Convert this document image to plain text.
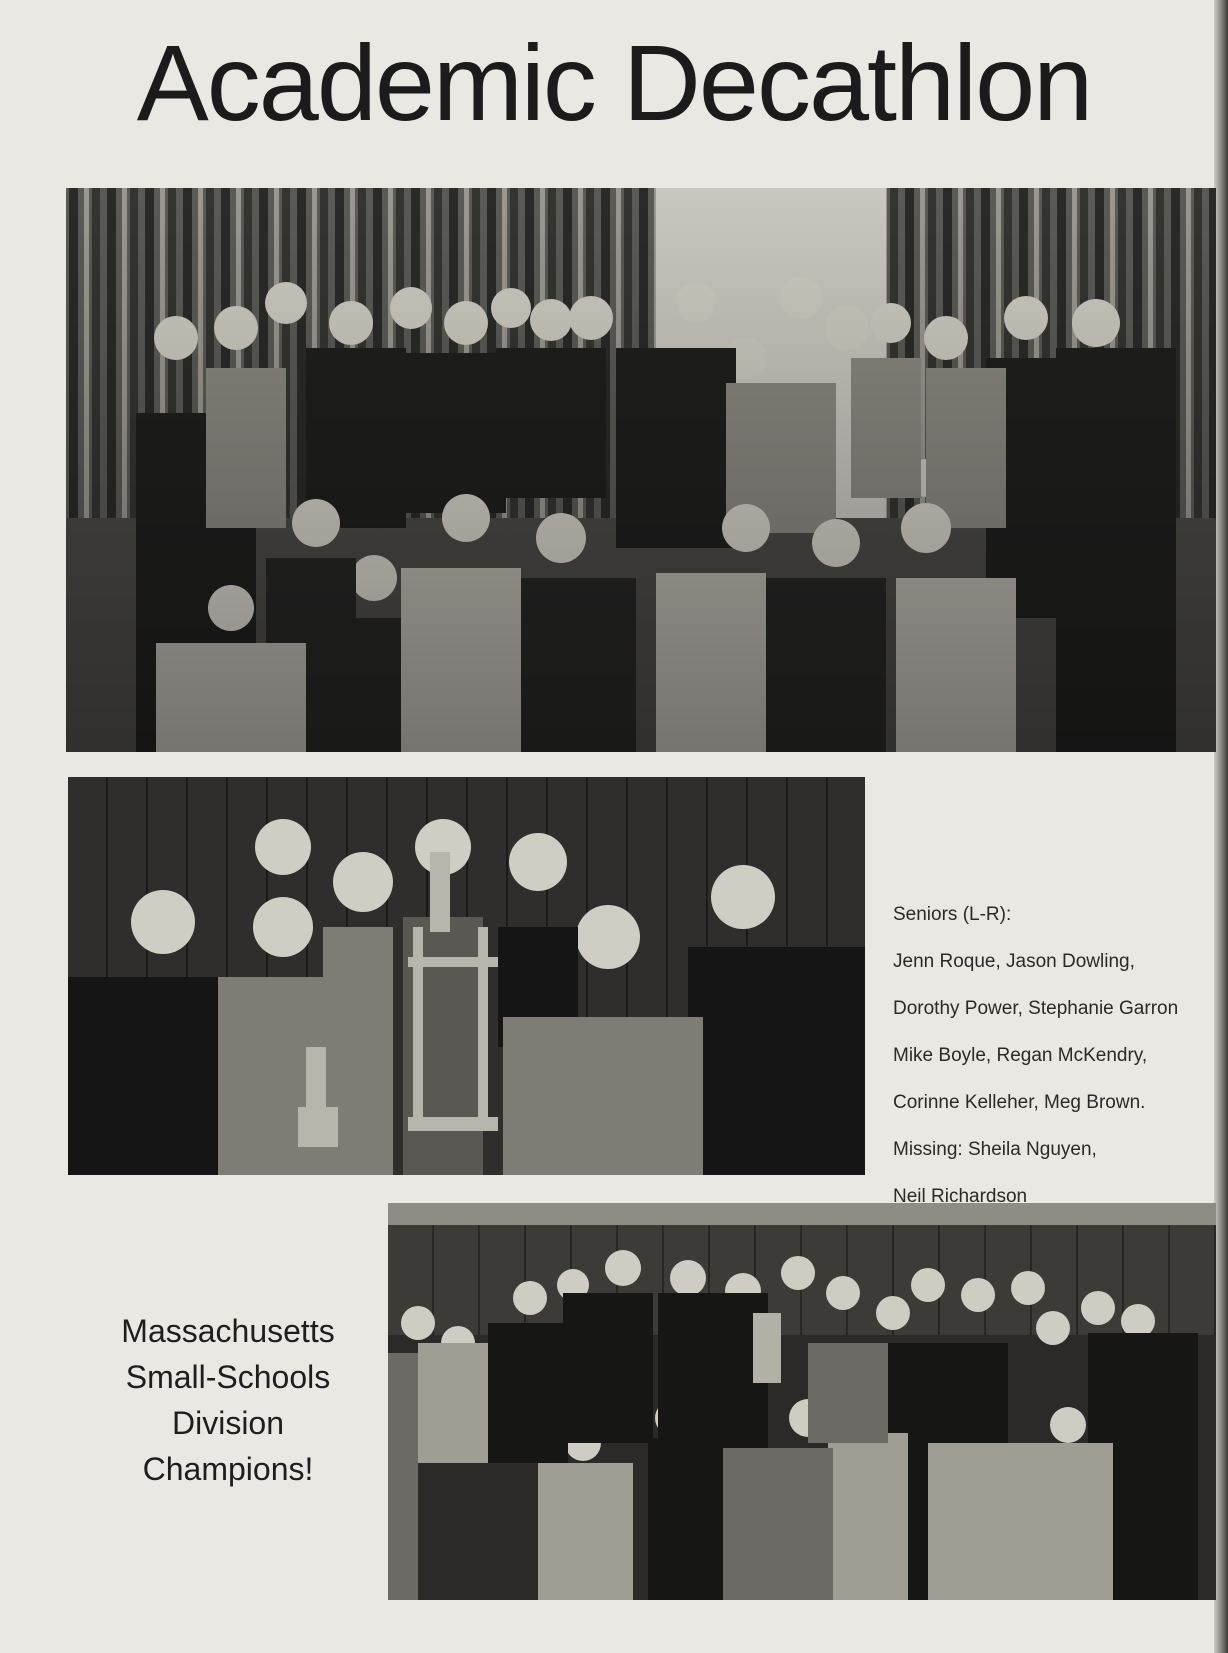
Academic Decathlon

Seniors (L-R):

Jenn Roque, Jason Dowling,

Dorothy Power, Stephanie Garron

Mike Boyle, Regan McKendry,

Corinne Kelleher, Meg Brown.

Missing: Sheila Nguyen,

Neil Richardson

Massachusetts
Small-Schools
Division
Champions!
